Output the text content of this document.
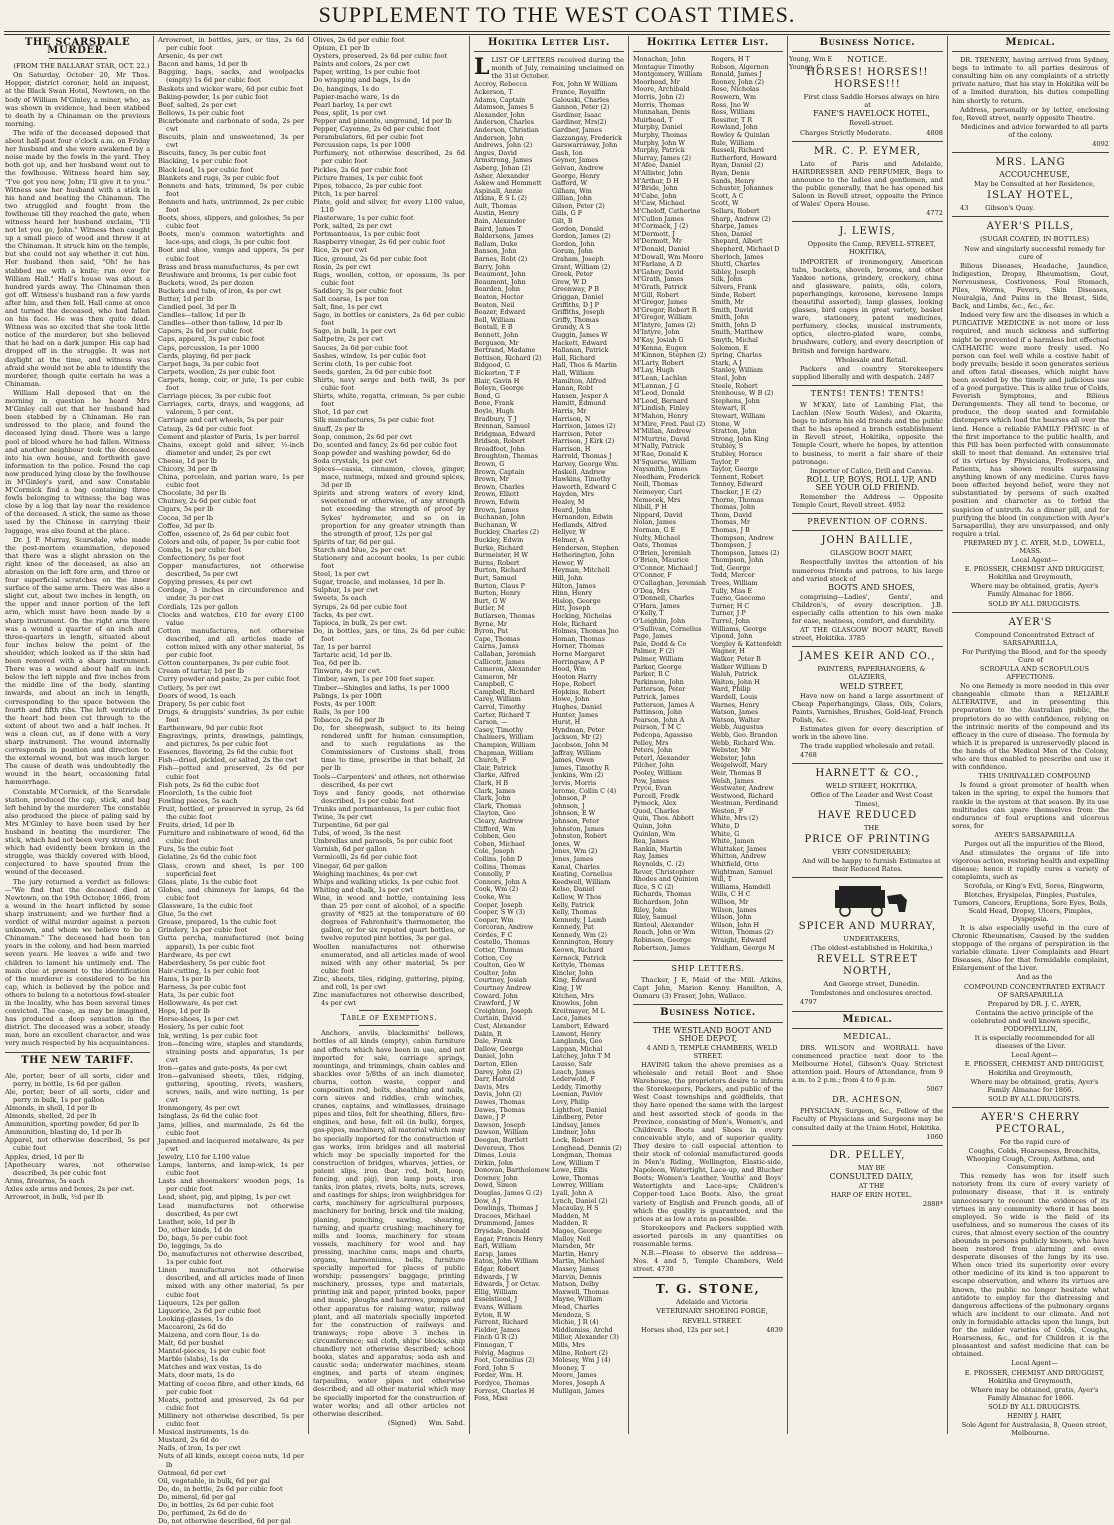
SUPPLEMENT TO THE WEST COAST TIMES.
THE SCARSDALE MURDER.

(FROM THE BALLARAT STAR, OCT. 22.)

On Saturday, October 20, Mr Thos. Hopper, district coroner, held an inquest, at the Black Swan Hotel, Newtown, on the body of William M'Ginley, a miner, who, as was shown in evidence, had been stabbed to death by a Chinaman on the previous morning.

The wife of the deceased deposed that about half-past four o'clock a.m. on Friday her husband and she were awakened by a noise made by the fowls in the yard. They both got up, and her husband went out to the fowlhouse. Witness heard him say, "I've got you now, John; I'll give it to you." Witness saw her husband with a stick in his hand and beating the Chinaman. The two struggled and fought from the fowlhouse till they reached the gate, when witness heard her husband exclaim, "I'll not let you go, John." Witness then caught up a small piece of wood and threw it at the Chinaman. It struck him on the temple, but she could not say whether it cut him. Her husband then said, "Oh! he has stabbed me with a knife; run over for William Hall." Hall's house was about a hundred yards away. The Chinaman then got off. Witness's husband ran a few yards after him, and then fell. Hall came at once and turned the deceased, who had fallen on his face. He was then quite dead. Witness was so excited that she took little notice of the murderer, but she believed that he had on a dark jumper. His cap had dropped off in the struggle. It was not daylight at the time, and witness was afraid she would not be able to identify the murderer, though quite certain he was a Chinaman.

William Hall deposed that on the morning in question he heard Mrs M'Ginley call out that her husband had been stabbed by a Chinaman. He ran undressed to the place, and found the deceased lying dead. There was a large pool of blood where he had fallen. Witness and another neighbour took the deceased into his own house, and forthwith gave information to the police. Found the cap now produced lying close by the fowlhouse in M'Ginley's yard, and saw Constable M'Cormick find a bag containing three fowls belonging to witness; the bag was close by a log that lay near the residence of the deceased. A stick, the same as those used by the Chinese in carrying their luggage, was also found at the place.

Dr. J. P. Murray, Scarsdale, who made the post-mortem examination, deposed that there was a slight abrasion on the right knee of the deceased, as also an abrasion on the left fore arm, and three or four superficial scratches on the inner surface of the same arm. There was also a slight cut, about two inches in length, on the upper and inner portion of the left arm, which must have been made by a sharp instrument. On the right arm there was a wound a quarter of an inch and three-quarters in length, situated about four inches below the point of the shoulder, which looked as if the skin had been removed with a sharp instrument. There was a wound about half an inch below the left nipple and five inches from the middle line of the body, slanting inwards, and about an inch in length, corresponding to the space between the fourth and fifth ribs. The left ventricle of the heart had been cut through to the extent of about two and a half inches. It was a clean cut, as if done with a very sharp instrument. The wound internally corresponds in position and direction to the external wound, but was much larger. The cause of death was undoubtedly the wound in the heart, occasioning fatal hæmorrhage.

Constable M'Cormick, of the Scarsdale station, produced the cap, stick, and bag left behind by the murderer. The constable also produced the piece of paling said by Mrs M'Ginley to have been used by her husband in beating the murderer. The stick, which had not been very strong, and which had evidently been broken in the struggle, was thickly covered with blood, conjectured to have spouted from the wound of the deceased.

The jury returned a verdict as follows:—"We find that the deceased died at Newtown, on the 19th October, 1866, from a wound in the heart inflicted by some sharp instrument; and we further find a verdict of wilful murder against a person unknown, and whom we believe to be a Chinaman." The deceased had been ten years in the colony, and had been married seven years. He leaves a wife and two children to lament his untimely end. The main clue at present to the identification of the murderer is considered to be his cap, which is believed by the police and others to belong to a notorious fowl-stealer in the locality, who has been several times convicted. The case, as may be imagined, has produced a deep sensation in the district. The deceased was a sober, steady man, bore an excellent character, and was very much respected by his acquaintances.

THE NEW TARIFF.

Ale, porter, beer of all sorts, cider and perry, in bottle, 1s 6d per gallon

Ale, porter, beer of all sorts, cider and perry in bulk, 1s per gallon

Almonds, in shell, 1d per lb

Almonds, shelled, 2d per lb

Ammunition, sporting powder, 6d per lb

Ammunition, blasting do, 1d per lb

Apparel, not otherwise described, 5s per cubic foot

Apples, dried, 1d per lb

[Apothecary wares, not otherwise described, 3s per cubic foot

Arms, firearms, 5s each

Axles axle arms and boxes, 2s per cwt.

Arrowroot, in bulk, ½d per lb

Arrowroot, in bottles, jars, or tins, 2s 6d per cubic foot

Arsenic, 4s per cwt

Bacon and hams, 1d per lb

Bagging, bags, sacks, and woolpacks (empty) 1s 6d per cubic foot

Baskets and wicker ware, 6d per cubic foot

Baking-powder, 1s per cubic foot

Beef, salted, 2s per cwt

Bellows, 1s per cubic foot

Bicarbonate and carbonate of soda, 2s per cwt

Biscuits, plain and unsweetened, 3s per cwt

Biscuits, fancy, 3s per cubic foot

Blacking, 1s per cubic foot

Black lead, 1s per cubic foot

Blankets and rugs, 3s per cubic foot

Bonnets and hats, trimmed, 5s per cubic foot

Bonnets and hats, untrimmed, 2s per cubic foot

Boots, shoes, slippers, and goloshes, 5s per cubic foot

Boots, men's common watertights and lace-ups, and clogs, 3s per cubic foot

Boot and shoe, vamps and uppers, 5s per cubic foot

Brass and brass manufactures, 4s per cwt

Brushware and brooms, 1s per cubic foot

Buckets, wood, 2s per dozen

Buckets and tubs, of iron, 4s per cwt

Butter, 1d per lb

Candied peel, 3d per lb

Candles—tallow, 1d per lb

Candles—other than tallow, 1d per lb

Capers, 2s 6d per cubic foot

Caps, apparel, 3s per cubic foot

Caps, percussion, 1s per 1000

Cards, playing, 6d per pack

Carpet bags, 3s per cubic foot

Carpets, woollen, 2s per cubic foot

Carpets, hemp, coir, or jute, 1s per cubic foot

Carriage pieces, 3s per cubic foot

Carriages, carts, drays, and waggons, ad valorem, 5 per cent.

Carriage and cart wheels, 5s per pair

Catsup, 2s 6d per cubic foot

Cement and plaster of Paris, 1s per barrel

Chains, except gold and silver, ½-inch diameter and under, 2s per cwt

Cheese, 1d per lb

Chicory, 3d per lb

China, porcelain, and parian ware, 1s per cubic foot

Chocolate, 3d per lb

Chutney, 2s 6d per cubic foot

Cigars, 5s per lb

Cocoa, 3d per lb

Coffee, 3d per lb

Coffee, essence of, 2s 6d per cubic foot

Colors and oils, of paper, 5s per cubic foot

Combs, 1s per cubic foot

Confectionery, 5s per foot

Copper manufactures, not otherwise described, 5s per cwt

Copying presses, 4s per cwt

Cordage, 3 inches in circumference and under, 3s per cwt

Cordials, 12s per gallon

Clocks and watches, £10 for every £100 value

Cotton manufactures, not otherwise described, and all articles made of cotton mixed with any other material, 5s per cubic foot

Cotton counterpanes, 3s per cubic foot

Cream of tartar, 1d per lb

Curry powder and paste, 2s per cubic foot

Cutlery, 5s per cwt

Doors of wood, 1s each

Drapery, 5s per cubic foot

Drugs, & druggists' sundries, 3s per cubic foot

Earthenware, 9d per cubic foot

Engravings, prints, drawings, paintings, and pictures, 5s per cubic foot

Essences, flavoring, 2s 6d the cubic foot

Fish—dried, pickled, or salted, 2s the cwt

Fish—potted and preserved, 2s 6d per cubic foot

Fish pots, 2s 6d the cubic foot

Floorcloth, 1s the cubic foot

Fowling pieces, 5s each

Fruit, bottled, or preserved in syrup, 2s 6d the cubic foot

Fruits, dried, 1d per lb

Furniture and cabinetware of wood, 6d the cubic foot

Furs, 5s the cubic foot

Gelatine, 2s 6d the cubic foot

Glass, crown and sheet, 1s per 100 superficial feet

Glass, plate, 1s the cubic foot

Globes, and chimneys for lamps, 6d the cubic foot

Glassware, 1s the cubic foot

Glue, 5s the cwt

Grease, prepared, 1s the cubic foot

Grindery, 1s per cubic foot

Gutta percha, manufactured (not being apparel), 1s per cubic foot

Hardware, 4s per cwt

Haberdashery, 5s per cubic foot

Hair-cutting, 1s per cubic foot

Hams, 1s per lb

Harness, 3s per cubic foot

Hats, 3s per cubic foot

Hollowware, 4s per cwt

Hops, 1d per lb

Horse-shoes, 1s per cwt

Hosiery, 5s per cubic foot

Ink, writing, 1s per cubic foot

Iron—fencing wire, staples and standards, straining posts and apparatus, 1s per cwt

Iron—gates and gate-posts, 4s per cwt

Iron—galvanised sheets, tiles, ridging, guttering, spouting, rivets, washers, screws, nails, and wire netting, 1s per cwt

Ironmongery, 4s per cwt

Isinglass, 2s 6d the cubic foot

Jams, jellies, and marmalade, 2s 6d the cubic foot

Japanned and lacquered metalware, 4s per cwt

Jewelry, L10 for L100 value

Lamps, lanterns, and lamp-wick, 1s per cubic foot

Lasts and shoemakers' wooden pegs, 1s per cubic foot

Lead, sheet, pig, and piping, 1s per cwt

Lead manufactures not otherwise described, 4s per cwt

Leather, sole, 1d per lb

Do, other kinds, 1d do

Do, bags, 5s per cubic foot

Do, leggings, 5s do

Do, manufactures not otherwise described, 1s per cubic foot

Linen manufactures not otherwise described, and all articles made of linen mixed with any other material, 5s per cubic foot

Liqueurs, 12s per gallon

Liquorice, 2s 6d per cubic foot

Looking-glasses, 1s do

Maccaroni, 2s 6d do

Maizena, and corn flour, 1s do

Malt, 6d per bushel

Mantel-pieces, 1s per cubic foot

Marble (slabs), 1s do

Matches and wax vestas, 1s do

Mats, door mats, 1s do

Matting of cocoa fibre, and other kinds, 6d per cubic foot

Meats, potted and preserved, 2s 6d per cubic foot

Millinery not otherwise described, 5s per cubic foot

Musical instruments, 1s do

Mustard, 2s 6d do

Nails, of iron, 1s per cwt

Nuts of all kinds, except cocoa nuts, 1d per lb

Oatmeal, 6d per cwt

Oil, vegetable, in bulk, 6d per gal

Do, do, in bottle, 2s 6d per cubic foot

Do, mineral, 6d per gal

Do, in bottles, 2s 6d per cubic foot

Do, perfumed, 2s 6d do do

Do, not otherwise described, 6d per gal

Olives, 2s 6d per cubic foot

Opium, £1 per lb

Oysters, preserved, 2s 6d per cubic foot

Paints and colors, 2s per cwt

Paper, writing, 1s per cubic foot

Do wrapping and bags, 1s do

Do, hangings, 1s do

Papier-maché ware, 1s do

Pearl barley, 1s per cwt

Peas, split, 1s per cwt

Pepper and pimento, unground, 1d per lb

Pepper, Cayenne, 2s 6d per cubic foot

Perambulators, 6d per cubic foot

Percussion caps, 1s per 1000

Perfumery, not otherwise described, 2s 6d per cubic foot

Pickles, 2s 6d per cubic foot

Picture frames, 1s per cubic foot

Pipes, tobacco, 2s per cubic foot

Pitch, 1s per barrel

Plate, gold and silver, for every L100 value, L10

Plasterware, 1s per cubic foot

Pork, salted, 2s per cwt

Portmanteaus, 1s per cubic foot

Raspberry vinegar, 2s 6d per cubic foot

Rice, 2s per cwt

Rice, ground, 2s 6d per cubic foot

Rosin, 2s per cwt

Rugs, woollen, cotton, or opossum, 3s per cubic foot

Saddlery, 3s per cubic foot

Salt coarse, 1s per ton

Salt, fine, 1s per cwt

Sago, in bottles or canisters, 2s 6d per cubic foot

Sago, in bulk, 1s per cwt

Saltpetre, 2s per cwt

Sauces, 2s 6d per cubic foot

Sashes, window, 1s per cubic foot

Scrim cloth, 1s per cubic foot

Seeds, garden, 2s 6d per cubic foot

Shirts, navy serge and both twill, 3s per cubic foot

Shirts, white, regatta, crimean, 5s per cubic foot

Shot, 1d per cwt

Silk manufactures, 5s per cubic foot

Snuff, 2s per lb

Soap, common, 2s 6d per cwt

Do, scented and fancy, 2s 6d per cubic foot

Soap powder and washing powder, 6d do

Soda crystals, 1s per cwt

Spices—cassia, cinnamon, cloves, ginger, mace, nutmegs, mixed and ground spices, 3d per lb

Spirits and strong waters of every kind, sweetened or otherwise, of any strength not exceeding the strength of proof by Sykes' hydrometer, and so on in proportion for any greater strength than the strength of proof, 12s per gal

Spirits of tar, 6d per gal.

Starch and blue, 2s per cwt

Stationery and account books, 1s per cubic foot

Steel, 1s per cwt

Sugar, treacle, and molasses, 1d per lb.

Sulphur, 1s per cwt

Sweets, 5s each

Syrups, 2s 6d per cubic foot

Tacks, 4s per cwt.

Tapioca, in bulk, 2s per cwt.

Do, in bottles, jars, or tins, 2s 6d per cubic foot

Tar, 1s per barrel

Tartaric acid, 1d per lb.

Tea, 6d per lb.

Tinware, 4s per cwt.

Timber, sawn, 1s per 100 feet super.

Timber—Shingles and laths, 1s per 1000

Palings, 1s per 100ft

Posts, 4s per 100ft

Rails, 3s per 100

Tobacco, 2s 6d per lb

Do, for sheepwash, subject to its being rendered unfit for human consumption, and to such regulations as the Commissioners of Customs shall, from time to time, prescribe in that behalf, 2d per lb

Tools—Carpenters' and others, not otherwise described, 4s per cwt

Toys and fancy goods, not otherwise described, 1s per cubic foot

Trunks and portmanteaus, 1s per cubic foot

Twine, 3s per cwt

Turpentine, 6d per gal

Tubs, of wood, 3s the nest

Umbrellas and parasols, 5s per cubic foot

Varnish, 6d per gallon

Vermicelli, 2s 6d per cubic foot

Vinegar, 6d per gallon

Weighing machines, 4s per cwt

Whips and walking sticks, 1s per cubic foot

Whiting and chalk, 1s per cwt

Wine, in wood and bottle, containing less than 25 per cent of alcohol, of a specific gravity of *825 at the temperature of 60 degrees of Fahrenheit's thermometer, the gallon, or for six reputed quart bottles, or twelve reputed pint bottles, 3s per gal.

Woollen manufactures not otherwise enumerated, and all articles made of wool mixed with any other material, 5s per cubic foot

Zinc, sheets, tiles, ridging, guttering, piping, and roll, 1s per cwt

Zinc manufactures not otherwise described, 4s per cwt

Table of Exemptions.

Anchors, anvils, blacksmiths' bellows, bottles of all kinds (empty), cabin furniture and effects which have been in use, and not imported for sale, carriage springs, mountings, and trimmings, chain cables and shackles over 5/8ths of an inch diameter, churns, cotton waste, copper and composition rod, bolts, sheathing and nails, corn sieves and riddles, crab winches, cranes, captains, and windlasses, drainage pipes and tiles, felt for sheathing, fillers, fire-engines, and hose, felt oil (in bulk), forges, gas-pipes, machinery, all material which may be specially imported for the construction of gas works, iron bridges and all material which may be specially imported for the construction of bridges, wharves, jetties, or patent slips, iron (bar, rod, bolt, hoop, fencing, and pig), iron lamp posts, iron tanks, iron plates, rivets, bolts, nuts, screws, and castings for ships; iron weighbridges for carts, machinery for agricultural purposes, machinery for boring, brick and tile making, planing, punching, sawing, shearing, turning, and quartz crushing; machinery for mills and looms, machinery for steam vessels, machinery for wool and hay pressing, machine cans, maps and charts, organs, harmoniums, bells, furniture specially imported for places of public worship; passengers' baggage, printing machinery, presses, type and materials, printing ink and paper, printed books, paper and music, ploughs and harrows, pumps and other apparatus for raising water, railway plant, and all materials specially imported for the construction of railways and tramways; rope above 3 inches in circumference; sail cloth, ships' blocks, ship chandlery not otherwise described; school books, slates and apparatus; soda ash and caustic soda; underwater machines, steam engines, and parts of steam engines; tarpaulins, water pipes not otherwise described; and all other material which may be specially imported for the construction of water works; and all other articles not otherwise described.

(Signed) Wm. Sahd.

Hokitika Letter List.

LLIST OF LETTERS received during the month of July, remaining unclaimed on the 31st October.

Accroy, Rebecca
Ackerson, T
Adams, Captain
Adamson, James S
Alexander, John
Anderson, Charles
Anderson, Christian
Anderson, John
Andrews, John (2)
Angus, David
Armstrong, James
Asberg, Johan (2)
Asher, Alexander
Askew and Hemmett
Aspinall, Annie
Atkins, E S L (2)
Ault, Thomas
Austin, Henry
Bain, Alexander
Baird, James T
Baldersons, James
Ballam, Duke
Banson, John
Barnes, Robt (2)
Barry, John
Beaumont, John
Beaumont, John
Bearden, John
Beaton, Hector
Beaton, Neil
Beazer, Edward
Bell, William
Bentall, E B
Bennett, John
Berguson, Mr
Bertrand, Madame
Bettison, Richard (2)
Bidgood, G
Bickerton, T F
Blair, Gavin H
Boleyn, George
Bond, G
Bone, Frank
Boyle, Hugh
Bradbury, T J
Brennan, Samuel
Bridgman, Edward
Bridson, Robert
Broadfoot, John
Broughton, Thomas
Brown, G
Brown, Captain
Brown, Mr
Brown, Charles
Brown, Elliott
Brown, Edwin
Brown, James
Buchanan, John
Buchanan, W
Buckley, Charles (2)
Buckley, Edwin
Burke, Richard
Burmeister, H W
Burns, Robert
Burton, Richard
Burt, Samuel
Burton, Claus P
Burton, Henry
Burt, G W
Butler, M
Butlarsen, Thomas
Byrne, Mr
Byron, Pat
Cape, Thomas
Cairns, James
Callahan, Jeremiah
Callicott, James
Cameron, Alexander
Cameron, Mr
Campbell, C
Campbell, Richard
Carey, William
Carrol, Timothy
Carter, Richard T
Carson, —
Casey, Timothy
Chalmers, William
Champion, William
Chapman, William
Church, F
Clair, Patrick
Clarke, Alfred
Clark, H B
Clark, James
Clark, John
Clark, Thomas
Clayton, Geo
Cleary, Andrew
Clifford, Wm
Cobben, Geo
Cohen, Michael
Cole, Joseph
Collins, John D
Collins, Thomas
Connolly, P
Connors, John A
Cook, Wm (2)
Cooke, Wm
Cooper, Joseph
Cooper, S W (3)
Cooper, Wm
Corcoran, Andrew
Cordes, F C
Costello, Thomas
Cotter, Thomas
Cotton, Coy
Coulton, Geo W
Coulter, John
Courtney, Josiah
Courtney Andrew
Coward, John
Crawford, J W
Creighton, Joseph
Curtain, David
Cust, Alexander
Dakin, R
Dale, Frank
Dallow, George
Daniel, John
Darton, Ellen
Darey, John (2)
Darr, Harold
Davis, Mrs
Davis, John (2)
Dawes, Thomas
Dawes, Thomas
Dawe, J P
Dawson, Joseph
Dawson, William
Deegan, Bartlett
Devereux, Thos
Dimas, Louis
Dirkin, John
Donovan, Bartholomew
Downey, John
Dowd, Simon
Douglas, James G (2)
Dow, A J
Dowlings, Thomas J
Dracoes, Michael
Drummond, James
Drysdale, Donald
Eagar, Francis Henry
Earl, William
Earsp, James
Eaton, John William
Edgar, Robert
Edwards, J W
Edwards, J or Octav.
Ellig, William
Esselstieed, J
Evans, William
Eyton, R W
Farrent, Richard
Fielder, James
Finch G R (2)
Finnegan, T
Folvig, Magnus
Foot, Cornelius (2)
Ford, John S
Forder, Wm. H.
Fordyce, Thomas
Forrest, Charles H
Foss, Miss
Fox, John W William
France, Royalfin
Galouski, Charles
Gannon, Peter (2)
Gardiner, Isaac
Gardiner, Mrs(2)
Gardner, James
Gazzangay, Frederick
Garswarraway, John
Gash, Ion
Geyner, James
Gelvan, Andrew
George, Henry
Gafford, W
Gilham, Wm
Gillian, John
Gilson, Peter (2)
Gills, G F
Gilt, B
Gordon, Donald
Gordon, James (2)
Gordon, John
Gorum, John
Graham, Joseph
Grant, William (2)
Greek, Peter
Grew, W D
Greenway, P B
Griggan, Daniel
Griffiths, D J P
Griffiths, Joseph
Griffy, Thomas
Grundy, A S
Guggin, James W
Hackett, Edward
Hallanan, Patrick
Hall, Richard
Hall, Thos & Martin
Hall, William
Hamilton, Alfred
Hanan, Robt
Hansen, Jesper A
Hamitt, Edmund
Harris, Mr
Harrison, N
Harrison, James (2)
Harrison, Peter
Harrison, J Kirk (2)
Harrison, H
Harrold, Thomas J
Harvey, George Wm.
Haskell, Andrew
Hawkins, Timothy
Haworth, Edward C
Hayden, Mrs
Healey, M
Heard, John
Hernandon, Edwin
Hedlands, Alfred
Hellyer, W
Helmer, A
Henderson, Stephen
Hetherington, John
Hewer, W
Heyman, Mitchell
Hill, John
Hilton, James
Hinn, Henry
Hislop, George
Hitt, Joseph
Hocking, Nicholas
Hole, Richard
Holmes, Thomas Jno
Homan, Thomas
Horner, Thomas
Horne Margaret
Horringsaw, A P
Hood, Wm
Hooton Harry
Hope, Robert
Hopkins, Robert
Howe, John
Hughes, Daniel
Hunter, James
Hurst, H
Hyndman, Peter
Jackson, Mr (2)
Jacobson, John M
Jaffray, William
James, Owen
James, Timothy R
Jenkins, Wm (2)
Jervis, Morris
Jerome, Collin C (4)
Johnson, P
Johnson, J
Johnson, E W
Johnson, Peter
Johnston, James
Johnston, Robert
Jones, W
Jones, Wm (2)
Jones, James
Kanal, Charles
Keating, Cornelius
Keedwell, William
Kelso, Daniel
Kellow, W Thos
Kelly, Patrick
Kelly, Thomas
Kennedy, J Lamb
Kennedy, Pat
Kennedy, Wm (2)
Kennington, Henry
Keown, Richard
Kernock, Patrick
Kettyle, Thomas
Kincler, John
King, Edward
King, J W
Kitchen, Mrs
Knowles, John
Kreitmayer, M L
Lace, James
Lambert, Edward
Lamont, Henry
Langlands, Geo
Lappan, Michal
Latchey, John T M
Lausso, Salr
Leach, James
Lederwold, F
Leddy, Timothy
Leeman, Pavlov
Levy, Philip
Lightfoot, Daniel
Lindberg, Peter
Lindsay, James
Lindner, John
Lock, Robert
Longhead, Dennis (2)
Longman, Thomas
Low, William T
Lowe, Ellis
Lowe, Thomas
Lowrey, William
Lyall, John A
Lynch, Daniel (2)
Macaulay, H S
Madden, M
Madden, R
Magee, George
Malloy, Neil
Marsden, Mr
Martin, Henry
Martin, Michael
Massey, James
Marvin, Dennis
Matson, Delby
Maxwell, Thomas
Mayne, William
Mead, Charles
Mendoza, S
Michie, J R (4)
Middlemiss, Archd
Miller, Alexander (3)
Mills, Mrs
Milne, Robert (2)
Molesey, Wm J (4)
Mooney, T
Moore, James
Mores, Joseph A
Mulligan, James
Hokitika Letter List.
Monachan, John
Montague Timothy
Montgomery, William
Moorhead, Mr
Moore, Archibald
Morris, John (2)
Morris, Thomas
Munnahan, Denis
Muirhead, T
Murphy, Daniel
Murphy, Thomas
Murphy, John W
Murphy, Patrick
Murray, James (2)
M'Afee, Daniel
M'Allister, John
M'Arthur, D H
M'Bride, John
M'Cabe, John
M'Caw, Michael
M'Cheloff, Catherine
M'Cullon James
M'Cormack, J (2)
M'Dermott, J
M'Dermott, Mr
M'Donald, Daniel
M'Dowall, Wm Moore
M'Farlane, A D
M'Gahey, David
M'Grath, James
M'Grath, Patrick
M'Gill, Robert
M'Gregor, James
M'Gregor, Robert R
M'Gregor, William
M'Intyre, James (2)
M'Intyre, John
M'Kay, Josiah G
M'Kenna, Eugen
M'Kinnon, Stephen (2)
M'Larty, Robert
M'Lay, Hugh
M'Lean, Lachlan
M'Lennan, J G
M'Leod, Donald
M'Leod, Bernard
M'Lindish, Finley
M'Mahon, Henry
M'Mire, Fred. Paul (2)
M'Millan, Andrew
M'Murtrie, David
M'Nally, Patrick
M'Rae, Donald K
M'Squerse, William
Naysmith, James
Needham, Frederick
Neill, Thomas
Neimeyer, Carl
Nemecek, Mrs
Nibill, P H
Nippard, David
Nolan, James
Norman, G E
Nulty, Michael
Oats, Thomas
O'Brien, Jeremiah
O'Brien, Maurice
O'Connor, Michael J
O'Connor, F
O'Callaghan, Jeremiah
O'Dea, Mrs
O'Donnell, Charles
O'Hara, James
O'Kelly, T
O'Leighlin, John
O'Sullivan, Cornelius
Page, James
Pale, Dodd & Co
Palmer, F (2)
Palmer, William
Parker, George
Parker, R C
Parkinson, John
Patterson, Peter
Patrick, James
Patterson, James A
Pattinson, John
Pearson, John A
Peirson, T M C
Pedcopa, Agassiso
Pelley, Mrs
Peters, John
Peterl, Alexander
Pilcher, John
Pooley, William
Pow, James
Pryce, Evan
Purcell, Fredk
Pymock, Alex
Quod, Charles
Quin, Thos. Abbott
Quinn, John
Quinlan, Wm
Rea, James
Rankin, Martin
Ray, James
Reynolds, C. (2)
Rever, Christopher
Rhodes and Quinion
Rice, S C (2)
Richards, Thomas
Richardson, John
Riley, John
Riley, Samuel
Rintoul, Alexander
Roach, John or Wm
Robinson, George
Robertson, James
Rogers, H T
Robson, Algernon
Ronald, James J
Rooney, John (2)
Rose, Nicholas
Roswern, Wm
Ross, Jno W
Ross, William
Rossiter, T R
Rowland, John
Rowley & Quinlan
Rule, William
Russell, Richard
Rutherford, Howard
Ryan, Daniel (2)
Ryan, Denis
Sands, Henry
Schuster, Johannes
Scott, A C
Scott, W
Sellars, Robert
Sharp, Andrew (2)
Sharpe, James
Shea, Daniel
Shepard, Albert
Shepherd, Michael D
Sherloch, James
Shuttl, Charles
Sibley, Joseph
Silk, John
Silvers, Frank
Sinde, Robert
Smith, Mr
Smith, David
Smith, John
Smith, John D
Smith, Matthew
Smyth, Michal
Solomon, E
Spring, Charles
Stark, A J
Stanley, William
Steel, John
Steele, Robert
Stenhouse, W B (2)
Stephens, John
Stewart, R
Stewart, William
Stone, W
Stratton, John
Strong, John King
Stubley, S
Stubley, Horace
Taylor, P
Taylor, George
Tennent, Robert
Tenney, Edward
Thacker, J E (2)
Thorne, Thomas
Thomas, John
Thom, David
Thomas, Mr
Thomas, J B
Thompson, Andrew
Thompson, J
Thompson, James (2)
Thompson, John
Tod, George
Todd, Mercer
Trees, William
Tully, Miss E
Tueno, Gaecomo
Turner, H C
Turner, J P
Turrel, John
Williams, George
Vipond, John
Vorgley & Kattenfeldt
Wagner, H
Walker, Peter B
Walker William D
Walsh, Patrick
Walton, John H
Ward, Philip
Wardell, Louis
Warnes, Henry
Watson, James
Watson, Walter
Webb, Augustus
Webb, Geo. Brandon
Webb, Richard Wm.
Webster, Mr
Webster, John
Weigelwolf, Mary
Weir, Thomas B
Welsh, James
Westwater, Andrew
Westwood, Richard
Westman, Ferdinand
Weston, F
White, Mrs (2)
White, D
White, G
White, Jamen
Whittaker, James
Whitton, Andrew
Whitfield, Otto
Wightman, Samuel
Will, T
Williams, Hamdell
Wills, C H C
Willson, Mr
Wilson, James
Wilson, John
Wilson, John H
Witton, Thomas (2)
Wraight, Edward
Yeldham, George M
Young, Wm E
Younge, C
SHIP LETTERS.

Thacker, J E, Maid of the Mill. Atkins, Capt John, Marion Kenny. Hamilton, A, Oamaru (3) Fraser, John, Wallace.

Business Notice.

THE WESTLAND BOOT AND SHOE DEPOT,

4 AND 5, TEMPLE CHAMBERS, WELD STREET.

HAVING taken the above premises as a wholesale and retail Boot and Shoe Warehouse, the proprietors desire to inform the Storekeepers, Packers, and public of the West Coast townships and goldfields, that they have opened the same with the largest and best assorted stock of goods in the Province, consisting of Men's, Women's, and Children's Boots and Shoes in every conceivable style, and of superior quality. They desire to call especial attention to their stock of colonial manufactured goods in Men's Riding, Wellington, Elastic-side, Napoleon, Watertight, Lace-up, and Blucher Boots; Women's Leather, Youths' and Boys' Watertights and Lace-ups; Children's Copper-toed Lace Boots. Also, the great variety of English and French goods, all of which the quality is guaranteed, and the prices at as low a rate as possible.

Storekeepers and Packers supplied with assorted parcels in any quantities on reasonable terms.

N.B.—Please to observe the address—Nos. 4 and 5, Temple Chambers, Weld street. 4730

T. G. STONE,

Adelaide and Victoria

VETERINARY SHOEING FORGE,

REVELL STREET.

Horses shod, 12s per set.]	4839

Business Notice.
NOTICE.
HORSES! HORSES!! HORSES!!!

First class Saddle Horses always on hire at

FANE'S HAVELOCK HOTEL,

Revell-street.

Charges Strictly Moderate.	4808

MR. C. P. EYMER,

Late of Paris and Adelaide, HAIRDRESSER AND PERFUMER, Begs to announce to the ladies and gentlemen, and the public generally, that he has opened his Saloon in Revell street, opposite the Prince of Wales' Opera House.

4772

J. LEWIS,

Opposite the Camp, REVELL-STREET, HOKITIKA,

IMPORTER of ironmongery, American tubs, buckets, shovels, brooms, and other Yankee notions, grindery, crockery, china and glassware, paints, oils, colors, paperhangings, kerosene, kerosene lamps (beautiful assorted), lamp glasses, looking glasses, bird cages in great variety, basket ware, stationery, patent medicines, perfumery, clocks, musical instruments, optics, electro-plated ware, combs, brushware, cutlery, and every description of British and foreign hardware.

Wholesale and Retail.

Packers and country Storekeepers supplied liberally and with despatch. 2487

TENTS! TENTS! TENTS!

W M'KAY, late of Lambing Flat, the Lachlan (New South Wales), and Okarita, begs to inform his old friends and the public that he has opened a branch establishment in Revell street, Hokitika, opposite the Temple Court, where he hopes, by attention to business, to merit a fair share of their patronage.

Importer of Calico, Drill and Canvas.

ROLL UP, BOYS, ROLL UP, AND SEE YOUR OLD FRIEND.

Remember the Address — Opposite Temple Court, Revell street. 4952

PREVENTION OF CORNS.
JOHN BAILLIE,

GLASGOW BOOT MART,

Respectfully invites the attention of his numerous friends and patrons, to his large and varied stock of

BOOTS AND SHOES,

comprising—Ladies', Gents', and Children's, of every description. J.B. especially calls attention to his own make for ease, neatness, comfort, and durability.

AT THE GLASGOW BOOT MART, Revell street, Hokitika. 3785

JAMES KEIR AND CO.,

PAINTERS, PAPERHANGERS, & GLAZIERS,

WELD STREET,

Have now on hand a large assortment of Cheap Paperhangings, Glass, Oils, Colors, Paints, Varnishes, Brushes, Gold-leaf, French Polish, &c.

Estimates given for every description of work in the above line.

The trade supplied wholesale and retail.

4768

HARNETT & CO.,

WELD STREET, HOKITIKA,

Office of The Leader and West Coast Times),

HAVE REDUCED

THE

PRICE OF PRINTING

VERY CONSIDERABLY;

And will be happy to furnish Estimates at their Reduced Rates.

SPICER AND MURRAY,

UNDERTAKERS,

(The oldest-established in Hokitika,)

REVELL STREET NORTH,

And George street, Dunedin.

Tombstones and enclosures erected.

4797

Medical.
MEDICAL.

DRS. WILSON and WORRALL have commenced practice next door to the Melbourne Hotel, Gibson's Quay. Strictest attention paid. Hours of Attendance, from 9 a.m. to 2 p.m.; from 4 to 6 p.m.

5067

DR. ACHESON,

PHYSICIAN, Surgeon, &c., Fellow of the Faculty of Physicians and Surgeons may be consulted daily at the Union Hotel, Hokitika.

1060

DR. PELLEY,

MAY BE

CONSULTED DAILY,

AT THE

HARP OF ERIN HOTEL.

2888*

Medical.

DR. TRENERY, having arrived from Sydney, begs to intimate to all parties desirous of consulting him on any complaints of a strictly private nature, that his stay in Hokitika will be of a limited duration, his duties compelling him shortly to return.

Address, personally or by letter, enclosing fee, Revell street, nearly opposite Theatre.

Medicines and advice forwarded to all parts of the colony.

4092

MRS. LANG

ACCOUCHEUSE,

May be Consulted at her Residence,

ISLAY HOTEL,

43	Gibson's Quay.

AYER'S PILLS,

(SUGAR COATED, IN BOTTLES)

New and singularly successful remedy for cure of

Bilious Diseases, Headache, Jaundice, Indigestion, Dropsy, Rheumatism, Gout, Nervousness, Costiveness, Foul Stomach, Piles, Worms, Fevers, Skin Diseases, Neuralgia, And Pains in the Breast, Side, Back, and Limbs, &c., &c., &c.

Indeed very few are the diseases in which a PURGATIVE MEDICINE is not more or less required, and much sickness and suffering might be prevented if a harmless but effectual CATHARTIC were more freely used. No person can feel well while a costive habit of body prevails; beside it soon generates serious and often fatal diseases, which might have been avoided by the timely and judicious use of a good purgative. This is alike true of Colds, Feverish Symptoms, and Bilious Derangements. They all tend to become, or produce, the deep seated and formidable distempers which load the hearses all over the land. Hence a reliable FAMILY PHYSIC is of the first importance to the public health, and this Pill has been perfected with consummate skill to meet that demand. An extensive trial of its virtues by Physicians, Professors, and Patients, has shown results surpassing anything known of any medicine. Cures have been effected beyond belief, were they not substantiated by persons of such exalted position and character as to forbid the suspicion of untruth. As a dinner pill, and for purifying the blood (in conjunction with Ayer's Sarsaparilla), they are unsurpassed, and only require a trial.

PREPARED BY J. C. AYER, M.D., LOWELL, MASS.

Local Agent—

E. PROSSER, CHEMIST AND DRUGGIST, Hokitika and Greymouth,

Where may be obtained, gratis, Ayer's Family Almanac for 1866.

SOLD BY ALL DRUGGISTS.

AYER'S

Compound Concentrated Extract of SARSAPARILLA,

For Purifying the Blood, and for the speedy Cure of

SCROFULA AND SCROFULOUS AFFECTIONS.

No one Remedy is more needed in this ever changeable climate than a RELIABLE ALTERATIVE, and in presenting this preparation to the Australian public, the proprietors do so with confidence, relying on the intrinsic merits of the compound and its efficacy in the cure of disease. The formula by which it is prepared is unreservedly placed in the hands of the Medical Men of the Colony, who are thus enabled to prescribe and use it with confidence.

THIS UNRIVALLED COMPOUND

Is found a great promoter of health when taken in the spring, to expel the humors that rankle in the system at that season. By its use multitudes can spare themselves from the endurance of foul eruptions and ulcerous sores, for

AYER'S SARSAPARILLA

Purges out all the impurities of the Blood,

And stimulates the organs of life into vigorous action, restoring health and expelling disease; hence it rapidly cures a variety of complaints, such as

Scrofula, or King's Evil, Sores, Ringworm, Blotches, Erysipelas, Pimples, Pustules, Tumors, Cancers, Eruptions, Sore Eyes, Boils, Scald Head, Dropsy, Ulcers, Pimples, Dyspepsia.

It is also especially useful in the cure of Chronic Rheumatism, Caused by the sudden stoppage of the organs of perspiration in the variable climate. Liver Complaints and Heart Diseases, Also for that formidable complaint, Enlargement of the Liver.

And as the

COMPOUND CONCENTRATED EXTRACT OF SARSAPARILLA

Prepared by DR. J. C. AYER,

Contains the active principle of the celebrated and well known specific, PODOPHYLLIN,

It is especially recommended for all diseases of the Liver.

Local Agent—

E. PROSSER, CHEMIST AND DRUGGIST, Hokitika and Greymouth,

Where may be obtained, gratis, Ayer's Family Almanac for 1866.

SOLD BY ALL DRUGGISTS.

AYER'S CHERRY PECTORAL,

For the rapid cure of

Coughs, Colds, Hoarseness, Bronchitis, Whooping Cough, Croup, Asthma, and Consumption.

This remedy has won for itself such notoriety from its cure of every variety of pulmonary disease, that it is entirely unnecessary to recount the evidences of its virtues in any community where it has been employed. So wide is the field of its usefulness, and so numerous the cases of its cures, that almost every section of the country abounds in persons publicly known, who have been restored from alarming and even desperate diseases of the lungs by its use. When once tried its superiority over every other medicine of its kind is too apparent to escape observation, and where its virtues are known, the public no longer hesitate what antidote to employ for the distressing and dangerous affections of the pulmonary organs which are incident to our climate. And not only in formidable attacks upon the lungs, but for the milder varieties of Colds, Coughs, Hoarseness, &c., and for Children it is the pleasantest and safest medicine that can be obtained.

Local Agent—

E. PROSSER, CHEMIST AND DRUGGIST, Hokitika and Greymouth,

Where may be obtained, gratis, Ayer's Family Almanac for 1866.

SOLD BY ALL DRUGGISTS.

HENRY J. HART,

Sole Agent for Australasia, 8, Queen street, Melbourne.
